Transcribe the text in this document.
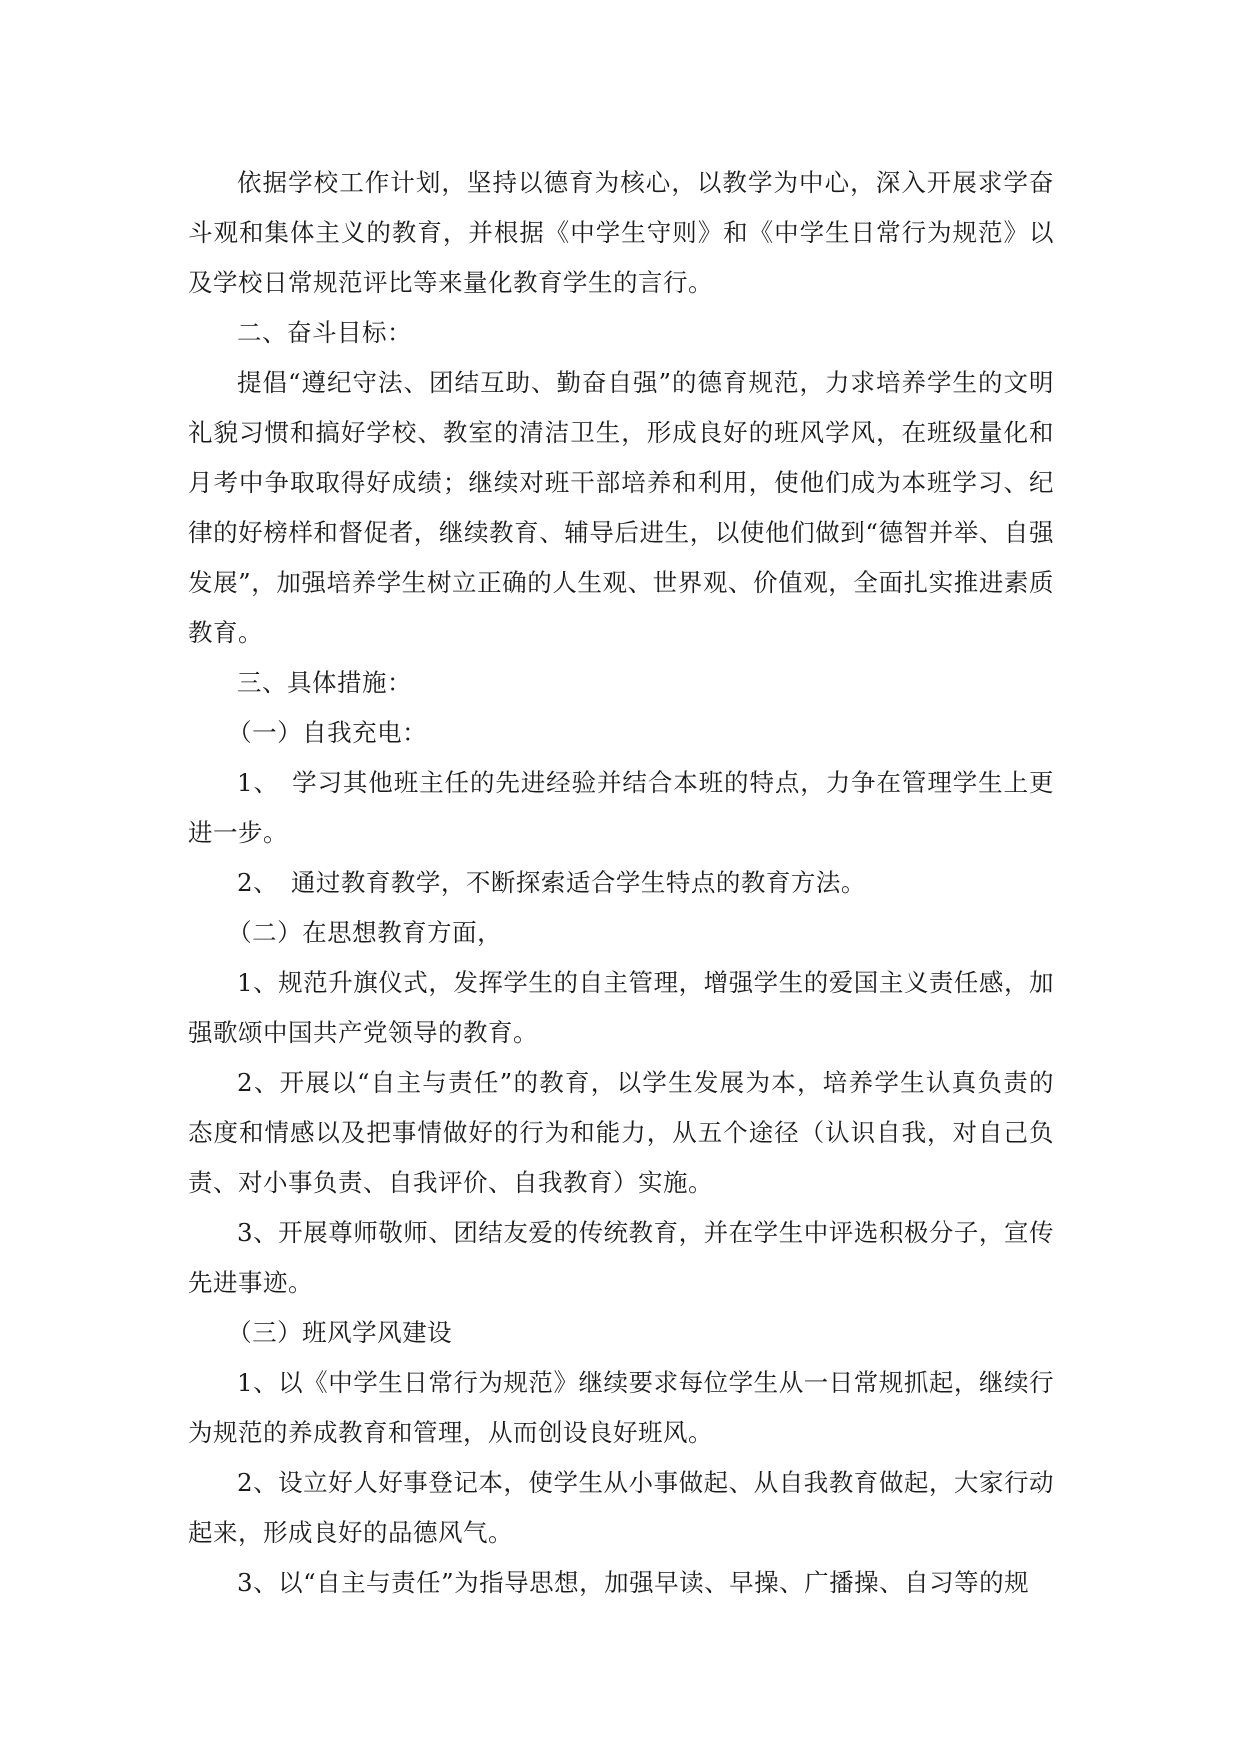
依据学校工作计划，坚持以德育为核心，以教学为中心，深入开展求学奋斗观和集体主义的教育，并根据《中学生守则》和《中学生日常行为规范》以及学校日常规范评比等来量化教育学生的言行。

二、奋斗目标：

提倡“遵纪守法、团结互助、勤奋自强”的德育规范，力求培养学生的文明礼貌习惯和搞好学校、教室的清洁卫生，形成良好的班风学风，在班级量化和月考中争取取得好成绩；继续对班干部培养和利用，使他们成为本班学习、纪律的好榜样和督促者，继续教育、辅导后进生，以使他们做到“德智并举、自强发展”，加强培养学生树立正确的人生观、世界观、价值观，全面扎实推进素质教育。

三、具体措施：

（一）自我充电：

1、　学习其他班主任的先进经验并结合本班的特点，力争在管理学生上更进一步。

2、　通过教育教学，不断探索适合学生特点的教育方法。

（二）在思想教育方面，

1、规范升旗仪式，发挥学生的自主管理，增强学生的爱国主义责任感，加强歌颂中国共产党领导的教育。

2、开展以“自主与责任”的教育，以学生发展为本，培养学生认真负责的态度和情感以及把事情做好的行为和能力，从五个途径（认识自我，对自己负责、对小事负责、自我评价、自我教育）实施。

3、开展尊师敬师、团结友爱的传统教育，并在学生中评选积极分子，宣传先进事迹。

（三）班风学风建设

1、以《中学生日常行为规范》继续要求每位学生从一日常规抓起，继续行为规范的养成教育和管理，从而创设良好班风。

2、设立好人好事登记本，使学生从小事做起、从自我教育做起，大家行动起来，形成良好的品德风气。

3、以“自主与责任”为指导思想，加强早读、早操、广播操、自习等的规
